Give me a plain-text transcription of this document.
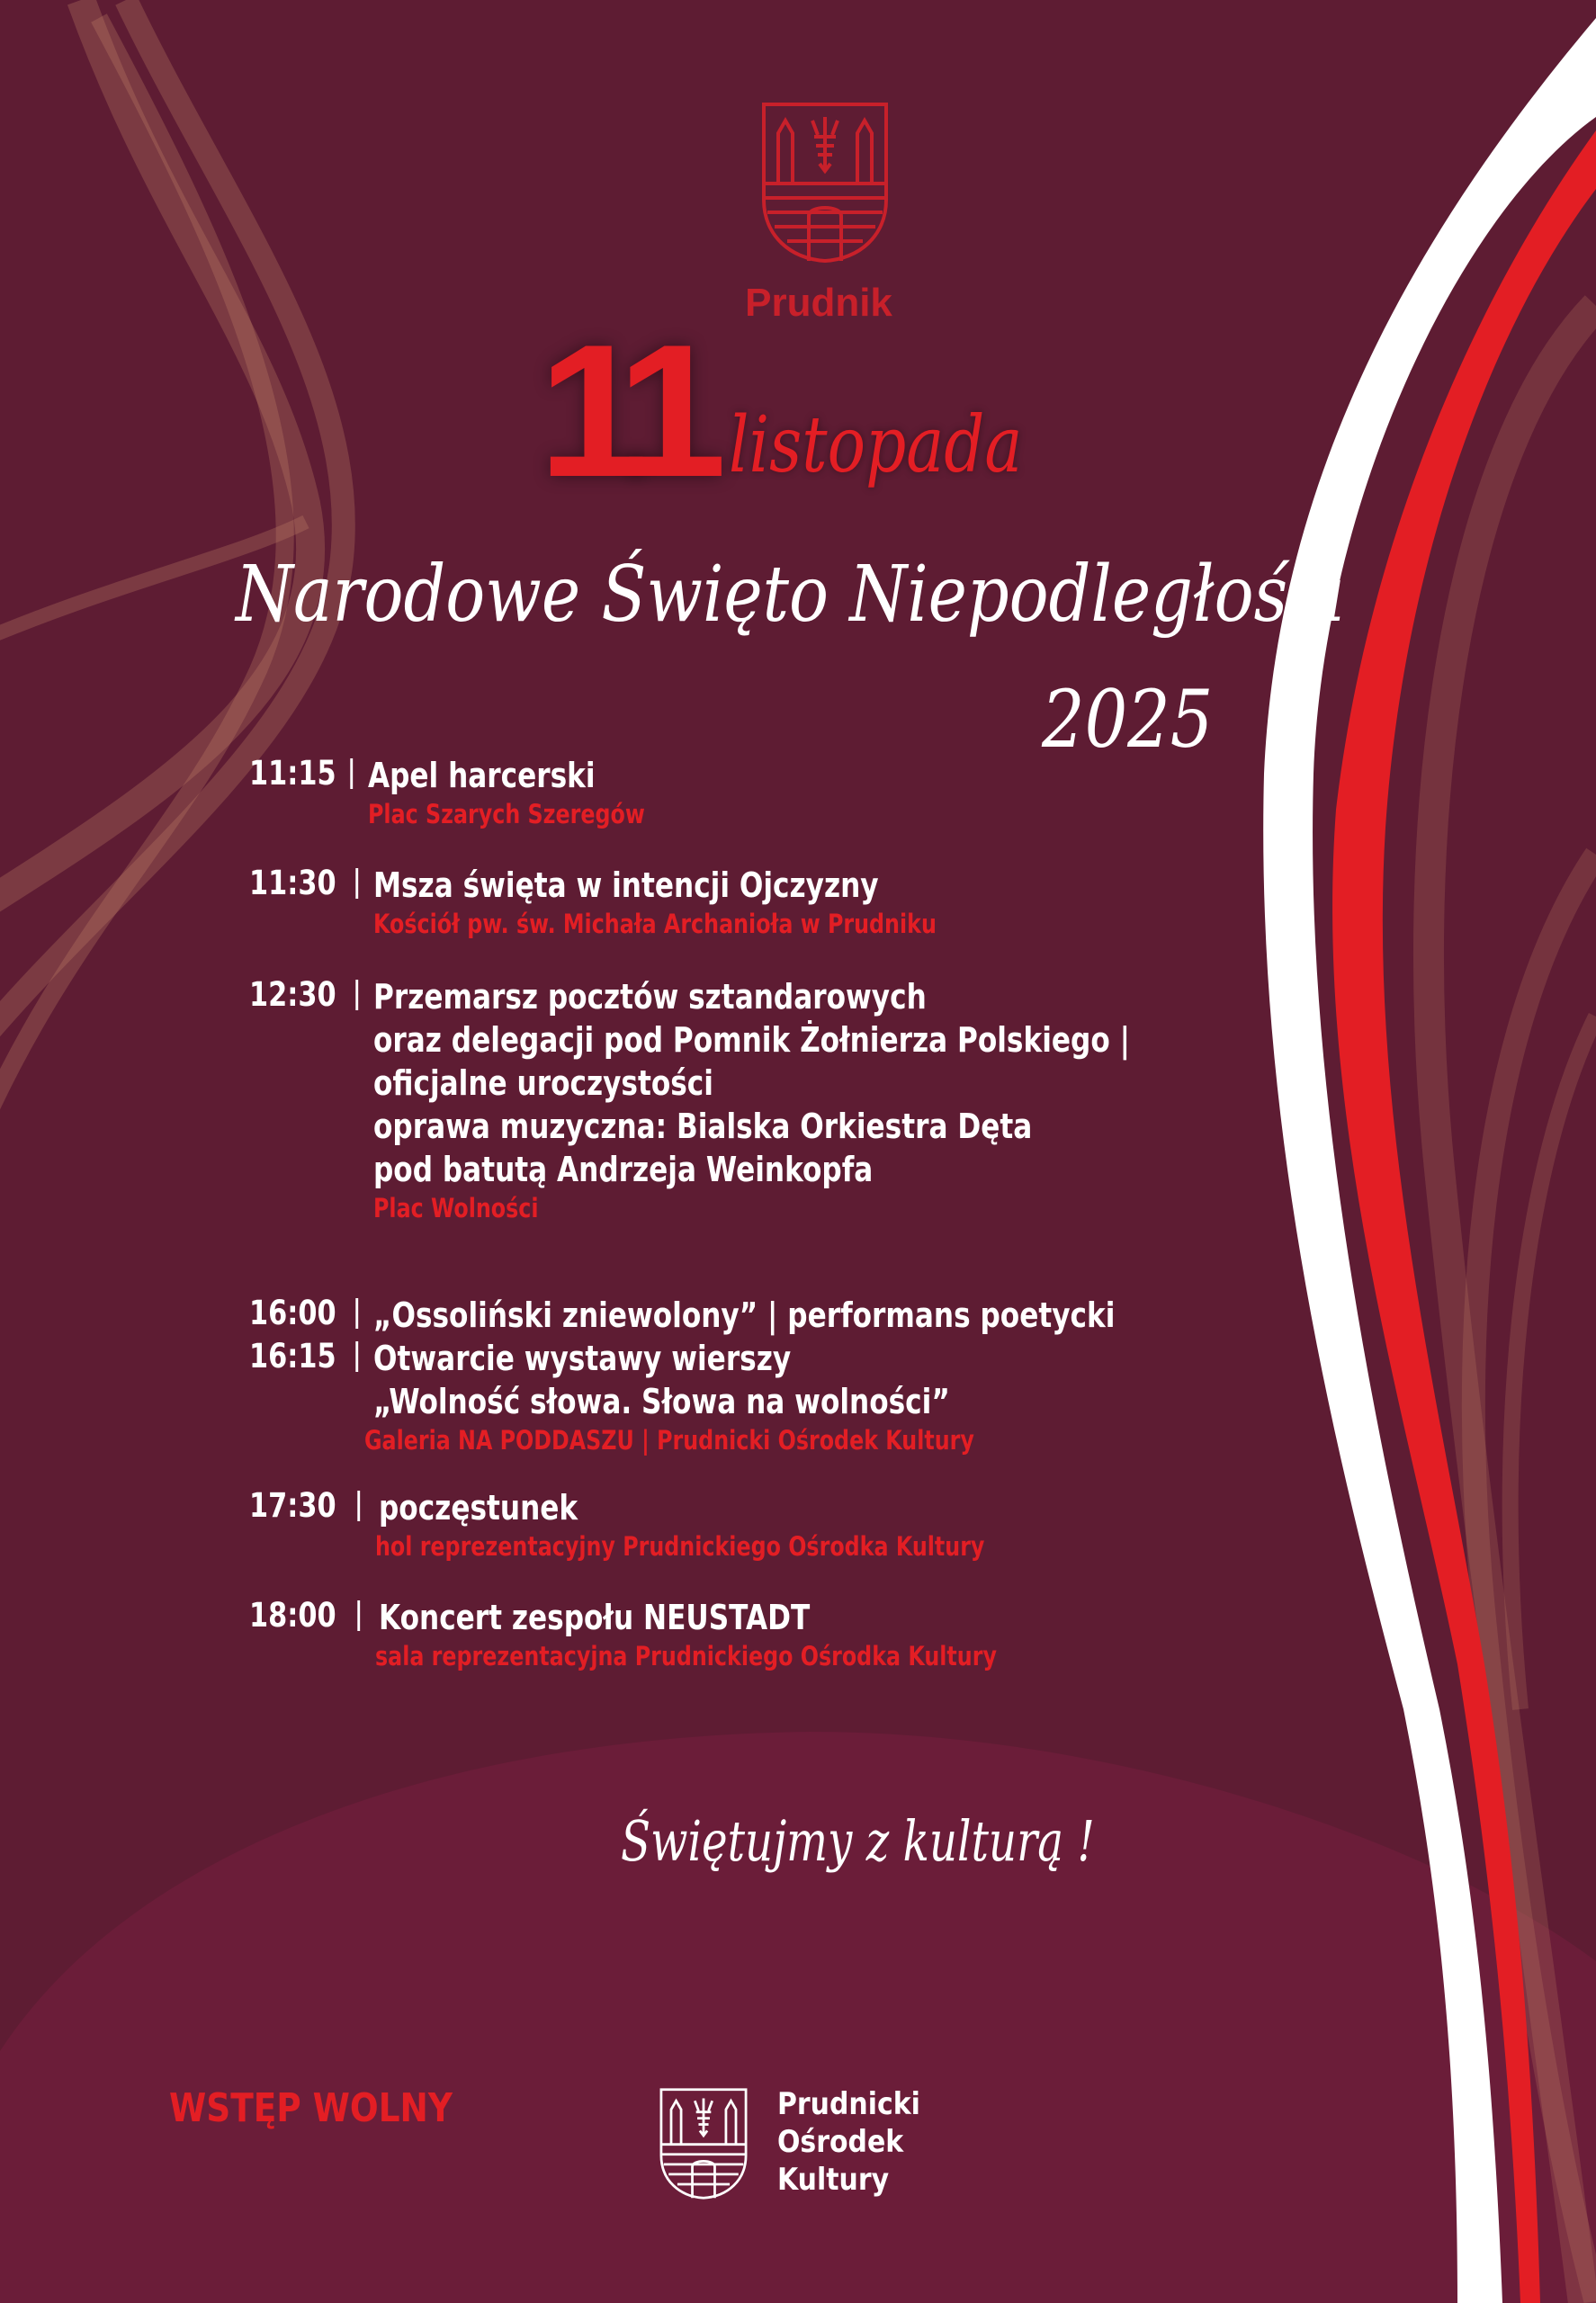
Prudnik
11 listopada
Narodowe Święto Niepodległości
2025
11:15 | Apel harcerski
Plac Szarych Szeregów
11:30 | Msza święta w intencji Ojczyzny
Kościół pw. św. Michała Archanioła w Prudniku
12:30 | Przemarsz pocztów sztandarowych
oraz delegacji pod Pomnik Żołnierza Polskiego |
oficjalne uroczystości
oprawa muzyczna: Bialska Orkiestra Dęta
pod batutą Andrzeja Weinkopfa
Plac Wolności
16:00 | „Ossoliński zniewolony” | performans poetycki
16:15 | Otwarcie wystawy wierszy
„Wolność słowa. Słowa na wolności”
Galeria NA PODDASZU | Prudnicki Ośrodek Kultury
17:30 | poczęstunek
hol reprezentacyjny Prudnickiego Ośrodka Kultury
18:00 | Koncert zespołu NEUSTADT
sala reprezentacyjna Prudnickiego Ośrodka Kultury
Świętujmy z kulturą !
WSTĘP WOLNY	Prudnicki
Ośrodek
Kultury
